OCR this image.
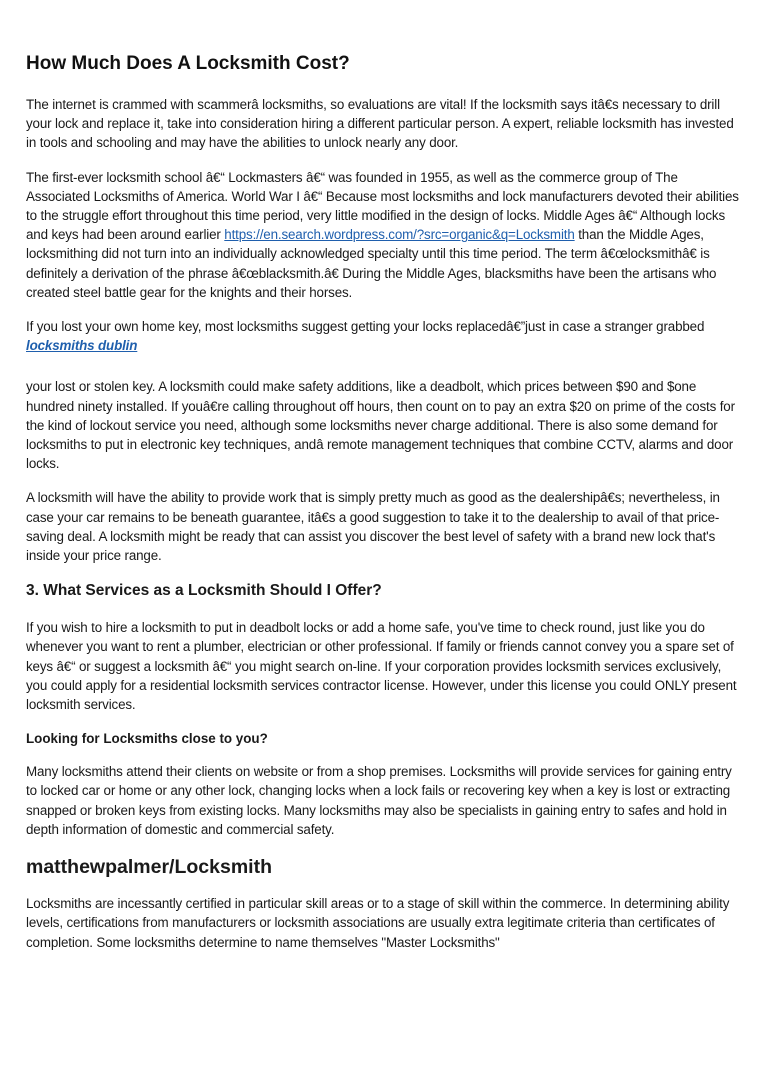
How Much Does A Locksmith Cost?

The internet is crammed with scammerâ locksmiths, so evaluations are vital! If the locksmith says itâ€s necessary to drill your lock and replace it, take into consideration hiring a different particular person. A expert, reliable locksmith has invested in tools and schooling and may have the abilities to unlock nearly any door.

The first-ever locksmith school â€“ Lockmasters â€“ was founded in 1955, as well as the commerce group of The Associated Locksmiths of America. World War I â€“ Because most locksmiths and lock manufacturers devoted their abilities to the struggle effort throughout this time period, very little modified in the design of locks. Middle Ages â€“ Although locks and keys had been around earlier https://en.search.wordpress.com/?src=organic&q=Locksmith than the Middle Ages, locksmithing did not turn into an individually acknowledged specialty until this time period. The term â€œlocksmithâ€ is definitely a derivation of the phrase â€œblacksmith.â€ During the Middle Ages, blacksmiths have been the artisans who created steel battle gear for the knights and their horses.

If you lost your own home key, most locksmiths suggest getting your locks replacedâ€”just in case a stranger grabbed locksmiths dublin

your lost or stolen key. A locksmith could make safety additions, like a deadbolt, which prices between $90 and $one hundred ninety installed. If youâ€re calling throughout off hours, then count on to pay an extra $20 on prime of the costs for the kind of lockout service you need, although some locksmiths never charge additional. There is also some demand for locksmiths to put in electronic key techniques, andâ remote management techniques that combine CCTV, alarms and door locks.

A locksmith will have the ability to provide work that is simply pretty much as good as the dealershipâ€s; nevertheless, in case your car remains to be beneath guarantee, itâ€s a good suggestion to take it to the dealership to avail of that price-saving deal. A locksmith might be ready that can assist you discover the best level of safety with a brand new lock that's inside your price range.

3. What Services as a Locksmith Should I Offer?

If you wish to hire a locksmith to put in deadbolt locks or add a home safe, you've time to check round, just like you do whenever you want to rent a plumber, electrician or other professional. If family or friends cannot convey you a spare set of keys â€“ or suggest a locksmith â€“ you might search on-line. If your corporation provides locksmith services exclusively, you could apply for a residential locksmith services contractor license. However, under this license you could ONLY present locksmith services.

Looking for Locksmiths close to you?

Many locksmiths attend their clients on website or from a shop premises. Locksmiths will provide services for gaining entry to locked car or home or any other lock, changing locks when a lock fails or recovering key when a key is lost or extracting snapped or broken keys from existing locks. Many locksmiths may also be specialists in gaining entry to safes and hold in depth information of domestic and commercial safety.

matthewpalmer/Locksmith

Locksmiths are incessantly certified in particular skill areas or to a stage of skill within the commerce. In determining ability levels, certifications from manufacturers or locksmith associations are usually extra legitimate criteria than certificates of completion. Some locksmiths determine to name themselves "Master Locksmiths"
